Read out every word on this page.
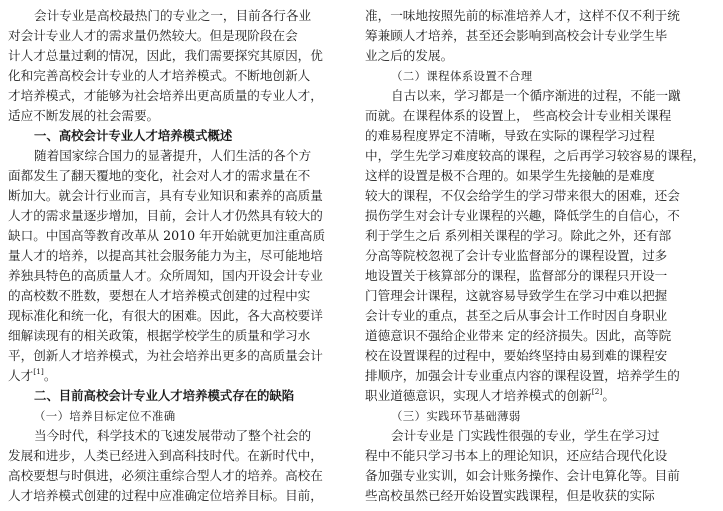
会计专业是高校最热门的专业之一，目前各行各业
对会计专业人才的需求量仍然较大。但是现阶段在会
计人才总量过剩的情况，因此，我们需要探究其原因，优
化和完善高校会计专业的人才培养模式。不断地创新人
才培养模式，才能够为社会培养出更高质量的专业人才，
适应不断发展的社会需要。
一、高校会计专业人才培养模式概述
随着国家综合国力的显著提升，人们生活的各个方
面都发生了翻天覆地的变化，社会对人才的需求量在不
断加大。就会计行业而言，具有专业知识和素养的高质量
人才的需求量逐步增加，目前，会计人才仍然具有较大的
缺口。中国高等教育改革从 2010 年开始就更加注重高质
量人才的培养，以提高其社会服务能力为主，尽可能地培
养独具特色的高质量人才。众所周知，国内开设会计专业
的高校数不胜数，要想在人才培养模式创建的过程中实
现标准化和统一化，有很大的困难。因此，各大高校要详
细解读现有的相关政策，根据学校学生的质量和学习水
平，创新人才培养模式，为社会培养出更多的高质量会计
人才[1]。
二、目前高校会计专业人才培养模式存在的缺陷
（一）培养目标定位不准确
当今时代，科学技术的飞速发展带动了整个社会的
发展和进步，人类已经进入到高科技时代。在新时代中，
高校要想与时俱进，必须注重综合型人才的培养。高校在
人才培养模式创建的过程中应准确定位培养目标。目前，
准，一味地按照先前的标准培养人才，这样不仅不利于统
筹兼顾人才培养，甚至还会影响到高校会计专业学生毕
业之后的发展。
（二）课程体系设置不合理
自古以来，学习都是一个循序渐进的过程，不能一蹴
而就。在课程体系的设置上， 些高校会计专业相关课程
的难易程度界定不清晰，导致在实际的课程学习过程
中，学生先学习难度较高的课程，之后再学习较容易的课程，
这样的设置是极不合理的。如果学生先接触的是难度
较大的课程，不仅会给学生的学习带来很大的困难，还会
损伤学生对会计专业课程的兴趣，降低学生的自信心，不
利于学生之后 系列相关课程的学习。除此之外，还有部
分高等院校忽视了会计专业监督部分的课程设置，过多
地设置关于核算部分的课程，监督部分的课程只开设一
门管理会计课程，这就容易导致学生在学习中难以把握
会计专业的重点，甚至之后从事会计工作时因自身职业
道德意识不强给企业带来 定的经济损失。因此，高等院
校在设置课程的过程中，要始终坚持由易到难的课程安
排顺序，加强会计专业重点内容的课程设置，培养学生的
职业道德意识，实现人才培养模式的创新[2]。
（三）实践环节基础薄弱
会计专业是 门实践性很强的专业，学生在学习过
程中不能只学习书本上的理论知识，还应结合现代化设
备加强专业实训，如会计账务操作、会计电算化等。目前
些高校虽然已经开始设置实践课程，但是收获的实际
